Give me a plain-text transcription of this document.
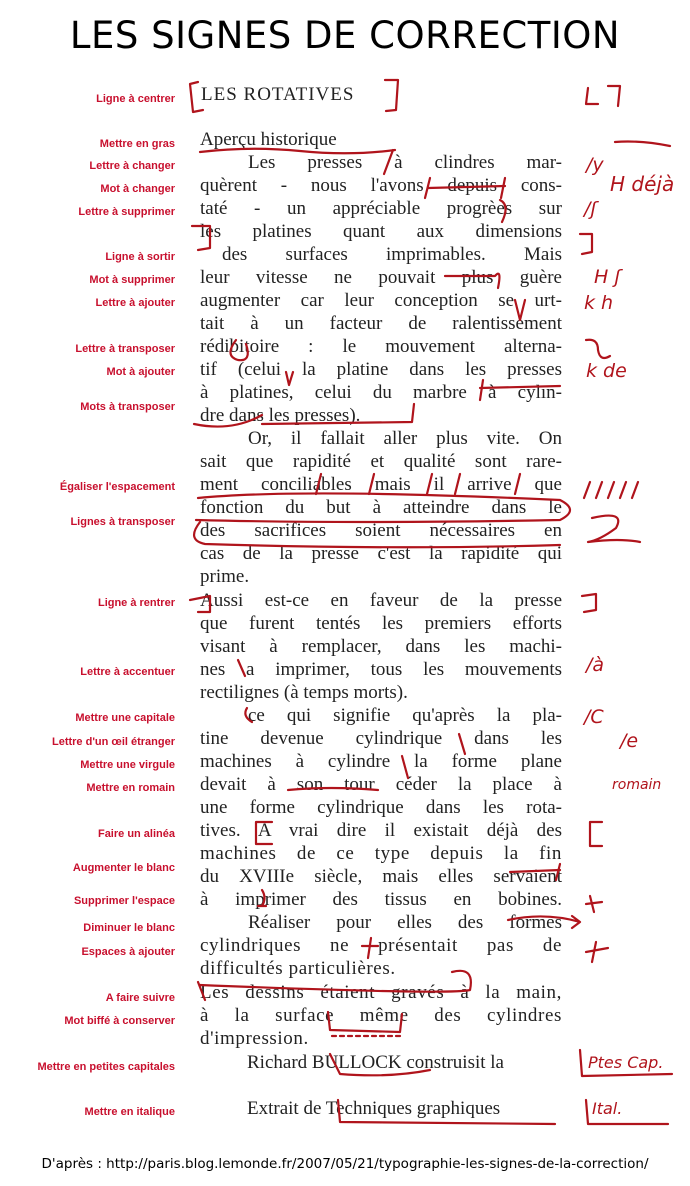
LES SIGNES DE CORRECTION
Ligne à centrer
Mettre en gras
Lettre à changer
Mot à changer
Lettre à supprimer
Ligne à sortir
Mot à supprimer
Lettre à ajouter
Lettre à transposer
Mot à ajouter
Mots à transposer
Égaliser l'espacement
Lignes à transposer
Ligne à rentrer
Lettre à accentuer
Mettre une capitale
Lettre d'un œil étranger
Mettre une virgule
Mettre en romain
Faire un alinéa
Augmenter le blanc
Supprimer l'espace
Diminuer le blanc
Espaces à ajouter
A faire suivre
Mot biffé à conserver
Mettre en petites capitales
Mettre en italique
LES ROTATIVES
Aperçu historique
Les presses à clindres mar-
quèrent - nous l'avons depuis cons-
taté - un appréciable progrèes sur
les platines quant aux dimensions
des surfaces imprimables. Mais
leur vitesse ne pouvait plus guère
augmenter car leur conception se urt-
tait à un facteur de ralentissement
rédibitoire : le mouvement alterna-
tif (celui la platine dans les presses
à platines, celui du marbre à cylin-
dre dans les presses).
Or, il fallait aller plus vite. On
sait que rapidité et qualité sont rare-
ment conciliables mais il arrive que
fonction du but à atteindre dans le
des sacrifices soient nécessaires en
cas de la presse c'est la rapidité qui
prime.
Aussi est-ce en faveur de la presse
que furent tentés les premiers efforts
visant à remplacer, dans les machi-
nes a imprimer, tous les mouvements
rectilignes (à temps morts).
ce qui signifie qu'après la pla-
tine devenue cylindrique dans les
machines à cylindre la forme plane
devait à son tour céder la place à
une forme cylindrique dans les rota-
tives. A vrai dire il existait déjà des
machines de ce type depuis la fin
du XVIIIe siècle, mais elles servaient
à imprimer des tissus en bobines.
Réaliser pour elles des formes
cylindriques ne présentait pas de
difficultés particulières.
Les dessins étaient gravés à la main,
à la surface même des cylindres
d'impression.
Richard BULLOCK construisit la
Extrait de Techniques graphiques
/y
H déjà
/ʃ
H ʃ
k h
k de
/à
/C
/e
romain
Ptes Cap.
Ital.
D'après : http://paris.blog.lemonde.fr/2007/05/21/typographie-les-signes-de-la-correction/
